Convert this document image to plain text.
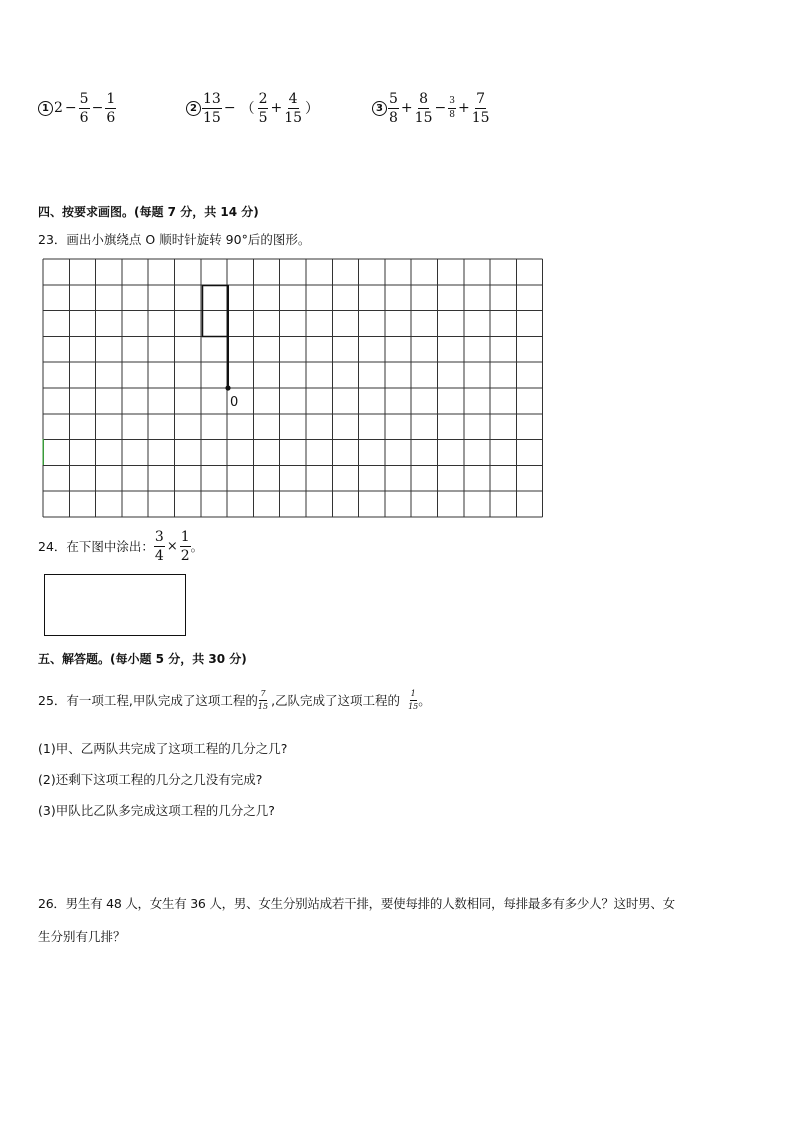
1 $2 - \frac{5}{6} - \frac{1}{6}$	$2 \frac{13}{15}$ − （ $\frac{2}{5} + \frac{4}{15}$ ）	$3 \frac{5}{8} + \frac{8}{15} - \frac{3}{8} + \frac{7}{15}$
四、按要求画图。(每题 7 分，共 14 分)
23．画出小旗绕点 O 顺时针旋转 90°后的图形。
0
24．在下图中涂出： $\frac{3}{4} \times \frac{1}{2}$ 。
五、解答题。(每小题 5 分，共 30 分)
25．有一项工程,甲队完成了这项工程的 $\frac{7}{15}$ ,乙队完成了这项工程的 $\frac{1}{15}$ 。
(1)甲、乙两队共完成了这项工程的几分之几?
(2)还剩下这项工程的几分之几没有完成?
(3)甲队比乙队多完成这项工程的几分之几?
26．男生有 48 人，女生有 36 人，男、女生分别站成若干排，要使每排的人数相同，每排最多有多少人？这时男、女
生分别有几排？
